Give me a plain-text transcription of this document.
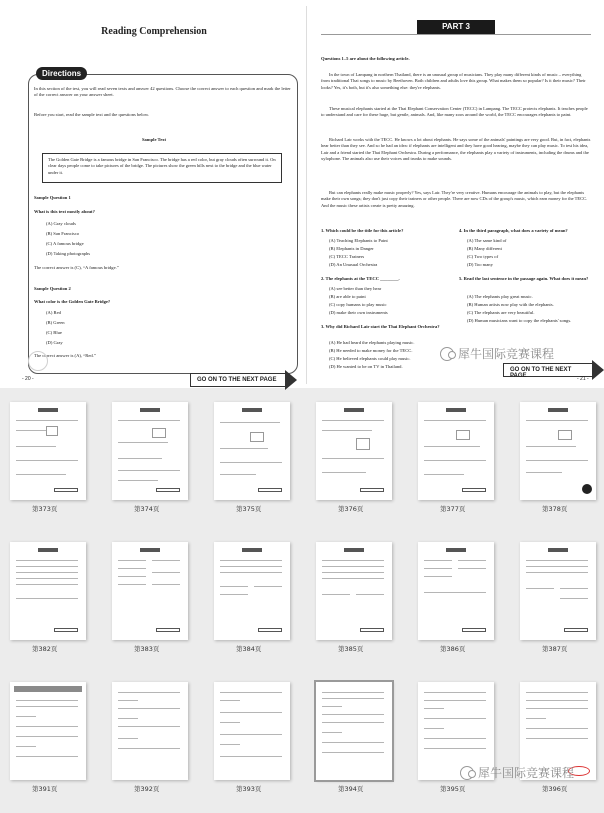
Reading Comprehension
Directions
In this section of the test, you will read seven texts and answer 42 questions. Choose the correct answer to each question and mark the letter of the correct answer on your answer sheet.
Before you start, read the sample text and the questions below.
Sample Text
The Golden Gate Bridge is a famous bridge in San Francisco. The bridge has a red color, but gray clouds often surround it. On clear days people come to take pictures of the bridge. The pictures show the green hills next to the bridge and the blue water under it.
Sample Question 1
What is this text mostly about?
(A) Gray clouds
(B) San Francisco
(C) A famous bridge
(D) Taking photographs
The correct answer is (C), “A famous bridge.”
Sample Question 2
What color is the Golden Gate Bridge?
(A) Red
(B) Green
(C) Blue
(D) Gray
The correct answer is (A), “Red.”
GO ON TO THE NEXT PAGE
- 20 -
PART 3
Questions 1–5 are about the following article.
In the town of Lampang in northern Thailand, there is an unusual group of musicians. They play many different kinds of music – everything from traditional Thai songs to music by Beethoven. Both children and adults love this group. What makes them so popular? Is it their music? Their looks? Yes, it's both, but it's also something else: they're elephants.
These musical elephants started at the Thai Elephant Conservation Center (TECC) in Lampang. The TECC protects elephants. It teaches people to understand and care for these huge, but gentle, animals. And, like many zoos around the world, the TECC encourages elephants to paint.
Richard Lair works with the TECC. He knows a lot about elephants. He says some of the animals' paintings are very good. But, in fact, elephants hear better than they see. And so he had an idea: if elephants are intelligent and they have good hearing, maybe they can play music. To test his idea, Lair and a friend started the Thai Elephant Orchestra. During a performance, the elephants play a variety of instruments, including the drums and the xylophone. The animals also use their voices and trunks to make sounds.
But can elephants really make music properly? Yes, says Lair. They're very creative. Humans encourage the animals to play, but the elephants make their own songs; they don't just copy their trainers or other people. There are now CDs of the group's music, which earn money for the TECC. And the music these artists create is pretty amazing.
1. Which could be the title for this article?
(A) Teaching Elephants to Paint
(B) Elephants in Danger
(C) TECC Trainers
(D) An Unusual Orchestra
2. The elephants at the TECC ________.
(A) see better than they hear
(B) are able to paint
(C) copy humans to play music
(D) make their own instruments
3. Why did Richard Lair start the Thai Elephant Orchestra?
(A) He had heard the elephants playing music.
(B) He needed to make money for the TECC.
(C) He believed elephants could play music.
(D) He wanted to be on TV in Thailand.
4. In the third paragraph, what does a variety of mean?
(A) The same kind of
(B) Many different
(C) Two types of
(D) Too many
5. Read the last sentence in the passage again. What does it mean?
(A) The elephants play great music.
(B) Human artists now play with the elephants.
(C) The elephants are very beautiful.
(D) Human musicians want to copy the elephants' songs.
GO ON TO THE NEXT PAGE	- 21 -
犀牛国际竞赛课程
第373页	第374页	第375页	第376页	第377页	第378页
第382页	第383页	第384页	第385页	第386页	第387页
第391页	第392页	第393页	第394页	第395页	第396页
犀牛国际竞赛课程
